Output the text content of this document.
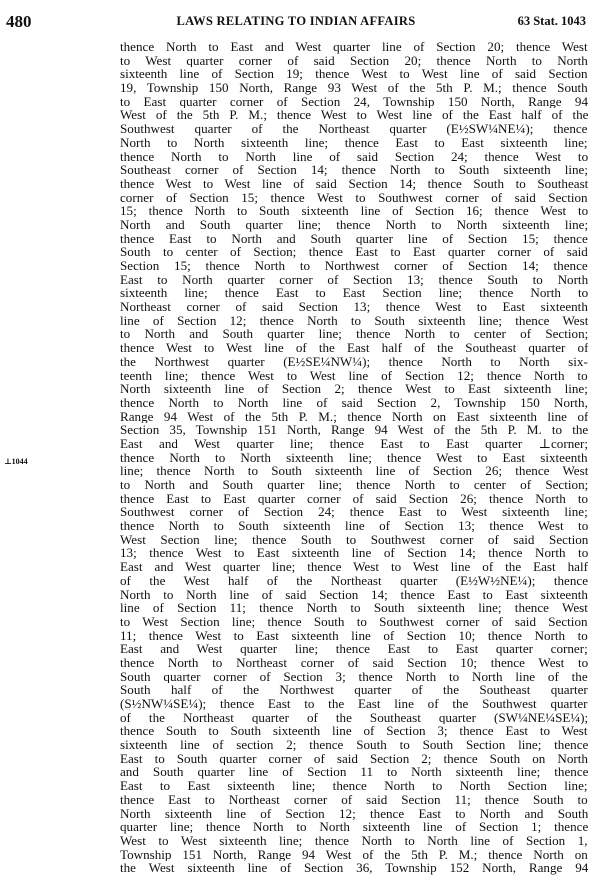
480	LAWS RELATING TO INDIAN AFFAIRS	63 Stat. 1043
⊥1044
thence North to East and West quarter line of Section 20; thence West
to West quarter corner of said Section 20; thence North to North
sixteenth line of Section 19; thence West to West line of said Section
19, Township 150 North, Range 93 West of the 5th P. M.; thence South
to East quarter corner of Section 24, Township 150 North, Range 94
West of the 5th P. M.; thence West to West line of the East half of the
Southwest quarter of the Northeast quarter (E½SW¼NE¼); thence
North to North sixteenth line; thence East to East sixteenth line;
thence North to North line of said Section 24; thence West to
Southeast corner of Section 14; thence North to South sixteenth line;
thence West to West line of said Section 14; thence South to Southeast
corner of Section 15; thence West to Southwest corner of said Section
15; thence North to South sixteenth line of Section 16; thence West to
North and South quarter line; thence North to North sixteenth line;
thence East to North and South quarter line of Section 15; thence
South to center of Section; thence East to East quarter corner of said
Section 15; thence North to Northwest corner of Section 14; thence
East to North quarter corner of Section 13; thence South to North
sixteenth line; thence East to East Section line; thence North to
Northeast corner of said Section 13; thence West to East sixteenth
line of Section 12; thence North to South sixteenth line; thence West
to North and South quarter line; thence North to center of Section;
thence West to West line of the East half of the Southeast quarter of
the Northwest quarter (E½SE¼NW¼); thence North to North six-
teenth line; thence West to West line of Section 12; thence North to
North sixteenth line of Section 2; thence West to East sixteenth line;
thence North to North line of said Section 2, Township 150 North,
Range 94 West of the 5th P. M.; thence North on East sixteenth line of
Section 35, Township 151 North, Range 94 West of the 5th P. M. to the
East and West quarter line; thence East to East quarter ⊥corner;
thence North to North sixteenth line; thence West to East sixteenth
line; thence North to South sixteenth line of Section 26; thence West
to North and South quarter line; thence North to center of Section;
thence East to East quarter corner of said Section 26; thence North to
Southwest corner of Section 24; thence East to West sixteenth line;
thence North to South sixteenth line of Section 13; thence West to
West Section line; thence South to Southwest corner of said Section
13; thence West to East sixteenth line of Section 14; thence North to
East and West quarter line; thence West to West line of the East half
of the West half of the Northeast quarter (E½W½NE¼); thence
North to North line of said Section 14; thence East to East sixteenth
line of Section 11; thence North to South sixteenth line; thence West
to West Section line; thence South to Southwest corner of said Section
11; thence West to East sixteenth line of Section 10; thence North to
East and West quarter line; thence East to East quarter corner;
thence North to Northeast corner of said Section 10; thence West to
South quarter corner of Section 3; thence North to North line of the
South half of the Northwest quarter of the Southeast quarter
(S½NW¼SE¼); thence East to the East line of the Southwest quarter
of the Northeast quarter of the Southeast quarter (SW¼NE¼SE¼);
thence South to South sixteenth line of Section 3; thence East to West
sixteenth line of section 2; thence South to South Section line; thence
East to South quarter corner of said Section 2; thence South on North
and South quarter line of Section 11 to North sixteenth line; thence
East to East sixteenth line; thence North to North Section line;
thence East to Northeast corner of said Section 11; thence South to
North sixteenth line of Section 12; thence East to North and South
quarter line; thence North to North sixteenth line of Section 1; thence
West to West sixteenth line; thence North to North line of Section 1,
Township 151 North, Range 94 West of the 5th P. M.; thence North on
the West sixteenth line of Section 36, Township 152 North, Range 94
